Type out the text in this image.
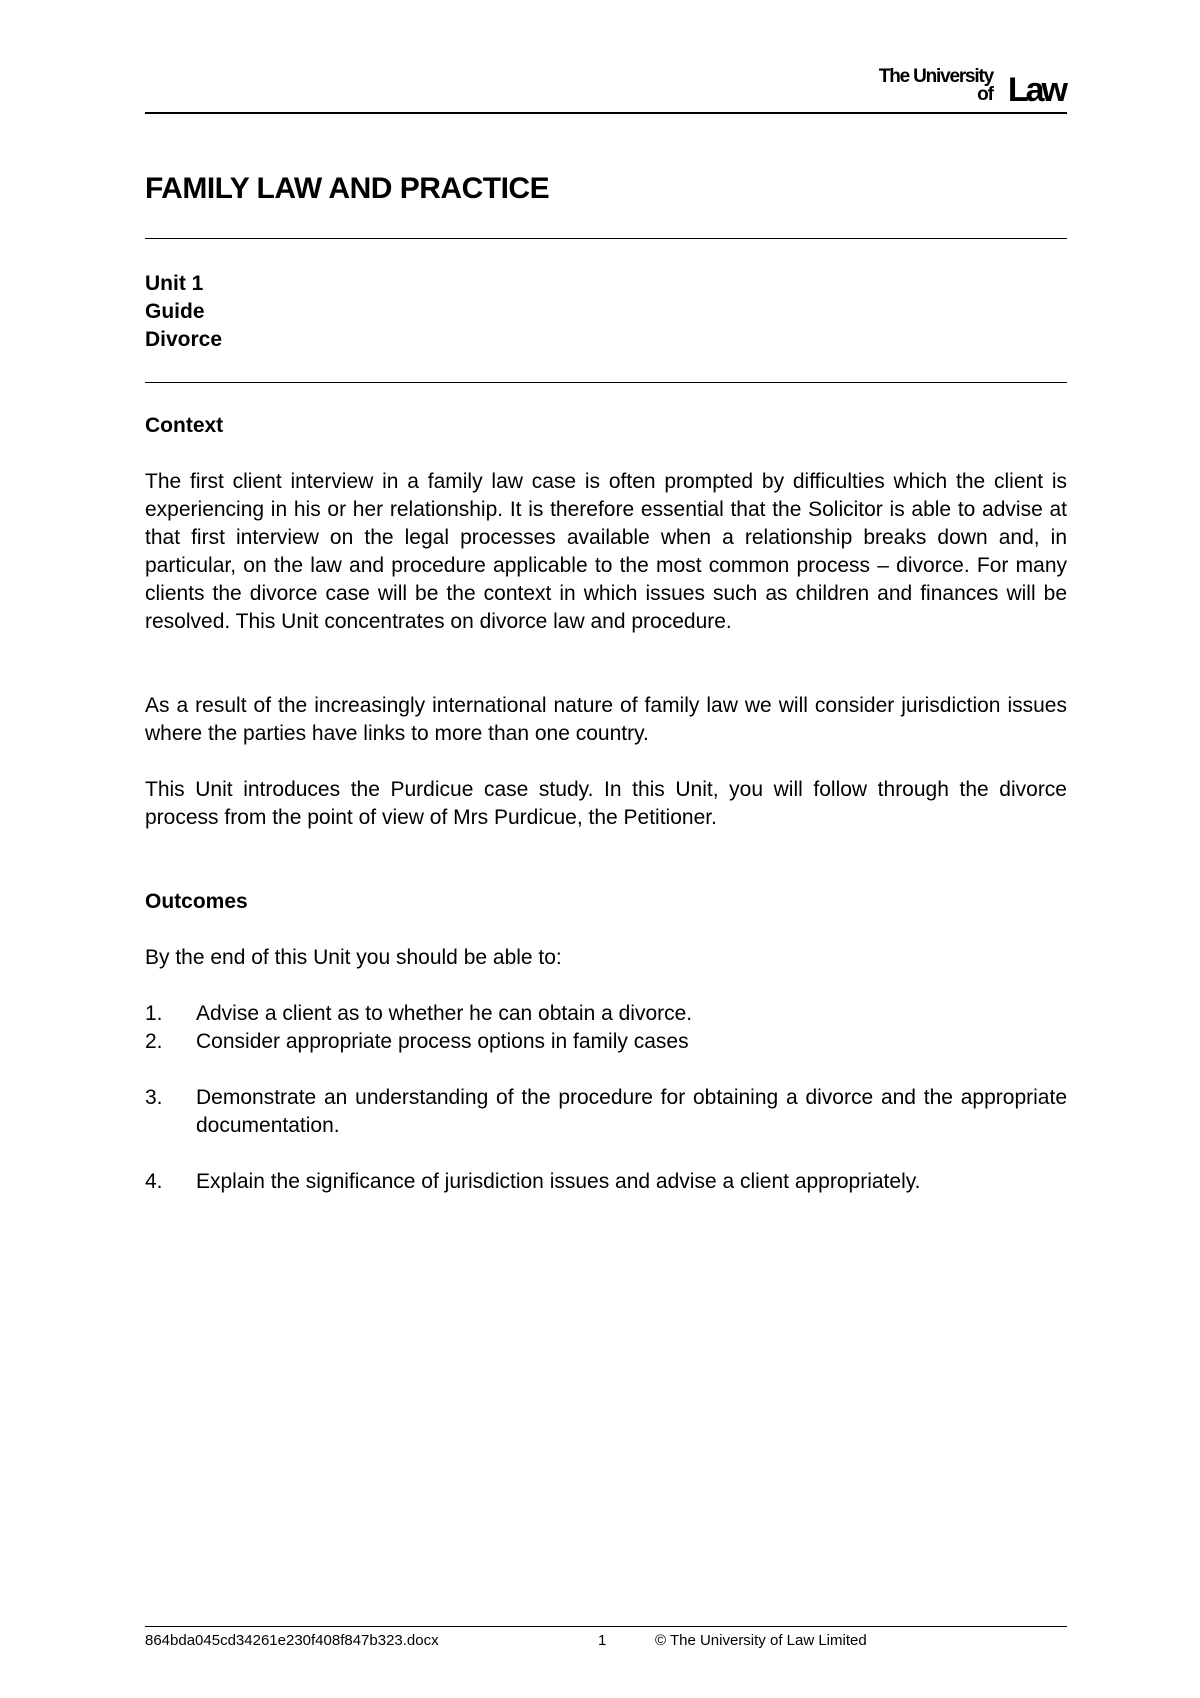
The University
of Law
FAMILY LAW AND PRACTICE
Unit 1
Guide
Divorce
Context

The first client interview in a family law case is often prompted by difficulties which the client is experiencing in his or her relationship. It is therefore essential that the Solicitor is able to advise at that first interview on the legal processes available when a relationship breaks down and, in particular, on the law and procedure applicable to the most common process – divorce. For many clients the divorce case will be the context in which issues such as children and finances will be resolved. This Unit concentrates on divorce law and procedure.

As a result of the increasingly international nature of family law we will consider jurisdiction issues where the parties have links to more than one country.

This Unit introduces the Purdicue case study. In this Unit, you will follow through the divorce process from the point of view of Mrs Purdicue, the Petitioner.

Outcomes

By the end of this Unit you should be able to:

1.	Advise a client as to whether he can obtain a divorce.
2.	Consider appropriate process options in family cases
3.	Demonstrate an understanding of the procedure for obtaining a divorce and the appropriate documentation.
4.	Explain the significance of jurisdiction issues and advise a client appropriately.
864bda045cd34261e230f408f847b323.docx	1	© The University of Law Limited
